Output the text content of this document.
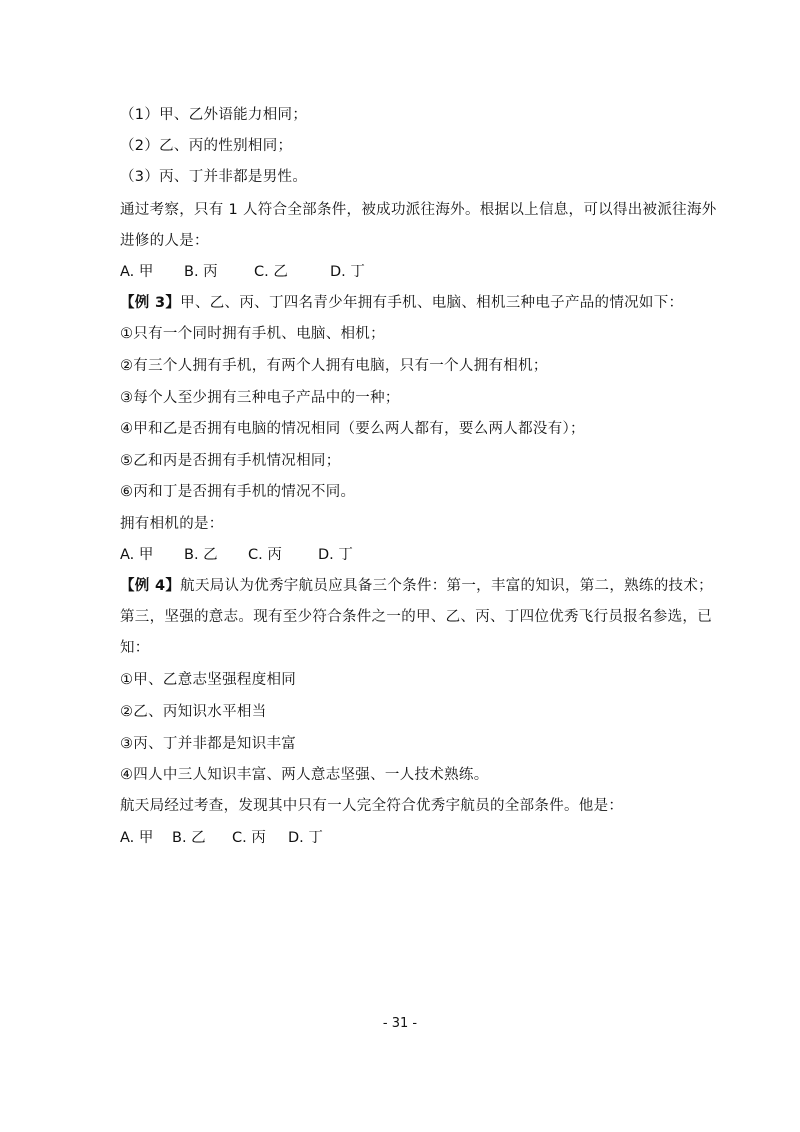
（1）甲、乙外语能力相同；
（2）乙、丙的性别相同；
（3）丙、丁并非都是男性。
通过考察，只有 1 人符合全部条件，被成功派往海外。根据以上信息，可以得出被派往海外
进修的人是：
A. 甲 B. 丙	C. 乙	D. 丁
【例 3】甲、乙、丙、丁四名青少年拥有手机、电脑、相机三种电子产品的情况如下：
①只有一个同时拥有手机、电脑、相机；
②有三个人拥有手机，有两个人拥有电脑，只有一个人拥有相机；
③每个人至少拥有三种电子产品中的一种；
④甲和乙是否拥有电脑的情况相同（要么两人都有，要么两人都没有）；
⑤乙和丙是否拥有手机情况相同；
⑥丙和丁是否拥有手机的情况不同。
拥有相机的是：
A. 甲 B. 乙 C. 丙 D. 丁
【例 4】航天局认为优秀宇航员应具备三个条件：第一，丰富的知识，第二，熟练的技术；
第三，坚强的意志。现有至少符合条件之一的甲、乙、丙、丁四位优秀飞行员报名参选，已
知：
①甲、乙意志坚强程度相同
②乙、丙知识水平相当
③丙、丁并非都是知识丰富
④四人中三人知识丰富、两人意志坚强、一人技术熟练。
航天局经过考查，发现其中只有一人完全符合优秀宇航员的全部条件。他是：
A. 甲 B. 乙 C. 丙 D. 丁
- 31 -
